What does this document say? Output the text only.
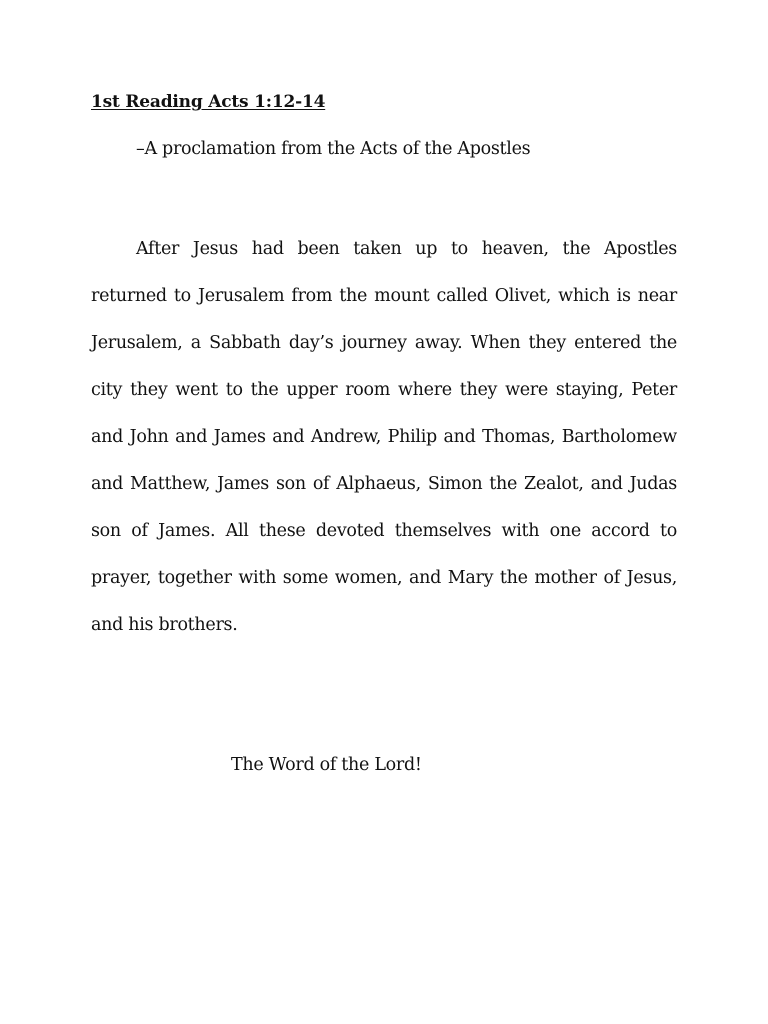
1st Reading Acts 1:12-14
–A proclamation from the Acts of the Apostles

After Jesus had been taken up to heaven, the Apostles returned to Jerusalem from the mount called Olivet, which is near Jerusalem, a Sabbath day’s journey away. When they entered the city they went to the upper room where they were staying, Peter and John and James and Andrew, Philip and Thomas, Bartholomew and Matthew, James son of Alphaeus, Simon the Zealot, and Judas son of James. All these devoted themselves with one accord to prayer, together with some women, and Mary the mother of Jesus, and his brothers.

The Word of the Lord!
